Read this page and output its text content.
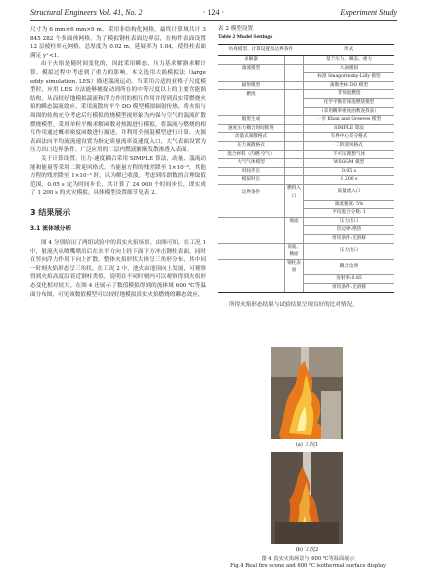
Structural Engineers Vol. 41, No. 2	· 124 ·	Experiment Study

尺寸为 6 mm×6 mm×9 m。采用非结构化网格，最终计算域共计 3 845 282 个多面体网格。为了模拟钢柱表面边界层，在构件表面设置 12 层棱柱单元网格，总厚度为 0.02 m，延展率为 1.04，使得柱表面满足 y⁺<1。

由于火焰是随时间变化的，因此采用瞬态、压力基求解器求解计算。模拟过程中考虑到了重力的影响。本文选用大涡模拟法（large eddy simulation, LES）描述湍流运动。当采用合适的亚格子尺度模型时，应用 LES 方法能够捕捉动到所在的中等尺度以上的主要含能涡结构，从而较好地模拟湍流和浮力作用的相互作用并得到真实带燃烧火焰的瞬态湍流效应。采用流散坊平个 DO 模型模拟辐射传热。将火焰与周围的传热充分考虑后行模拟的烧模型视形象为内保与空气的湍流扩散燃烧模型。采用单粒平衡求解函数对热源进行模拟，将湍流与燃烧的相互作用通过概率密度函数进行描述，并利用全预混模型进行计算。火源表面法向平均流流速设置为指定质量流率及速度入口，大气表面设置为压力出口边界条件。广泛应用的二层内燃液渐渐发散渗透入表面。

关于计算设置，压力-速度耦合采用 SIMPLE 算法，动量、湍流动能和能量等采用二阶迎风格式。当能量方程的残差降至 1×10⁻⁶，其他方程的残差降至 1×10⁻³ 时，认为解已收敛。考虑到库朗数的合理取值范围，0.05 s 定为时间步长，共计算了 24 000 个时间步长，即实成了 1 200 s 的火灾模拟。具体模型设置细节见表 2。

3 结果展示
3.1 流体域分析

图 4 分别给出了两组试验中的真实火焰场景。由图可知，在工况 1 中，射流火从喷嘴喷出后在水平方向上经下面下方冲击钢柱表面，同时在竖向浮力作用下向上扩散，整体火焰形状大体呈三角形分布，其中同一时刻火焰形态呈三角状。在工况 2 中，池火由池顶向上发展，可观察得到火焰高度沿着近钢柱类似，说明在不同时刻内可以观察得到火焰形态变化相对较大。在图 4 还展示了数值模拟得到的流体域 600 ℃等温面分布图，可见该数值模型可以较好地模拟真实火焰燃烧的瞬态效应，

表 2 模型设置
Table 2 Model Settings
仿真模型、计算设置及边界条件		形式
求解器		基于压力、瞬态、重力
湍流模型		大涡模拟
		标准 Smagorinsky-Lilly 模型
辐射模型		离散坐标 DO 模型
燃烧		非预混燃烧
		化学平衡非预混燃烧模型
		（采用概率密度函数查找表）
烟黑生成		一步 Khan and Greeves 模型
速度压力耦合时间推进		SIMPLE 算法
动量式离散格式		有界中心差分格式
压力离散格式		二阶迎风格式
混合材料（内燃-空气）		不可压理想气体
大气气体模型		WSGGM 模型
时间步长		0.05 s
模拟时长		1 200 s
边界条件	燃料入口	质量流入口
		湍流强度: 5%
		平均混合分数: 1
	地面	压力出口
		热边界:绝热
		剪切条件:无滑移
	顶面、侧面	压力出口
	钢柱表面	耦合边界
		发射率:0.85
		剪切条件:无滑移

所得火焰形态结果与试验结果呈现良好的比对情况。

(a) 工况1
(b) 工况2
图 4 真实火焰场景与 600 ℃等温面展示
Fig.4 Real fire scene and 600 ℃ isothermal surface display
